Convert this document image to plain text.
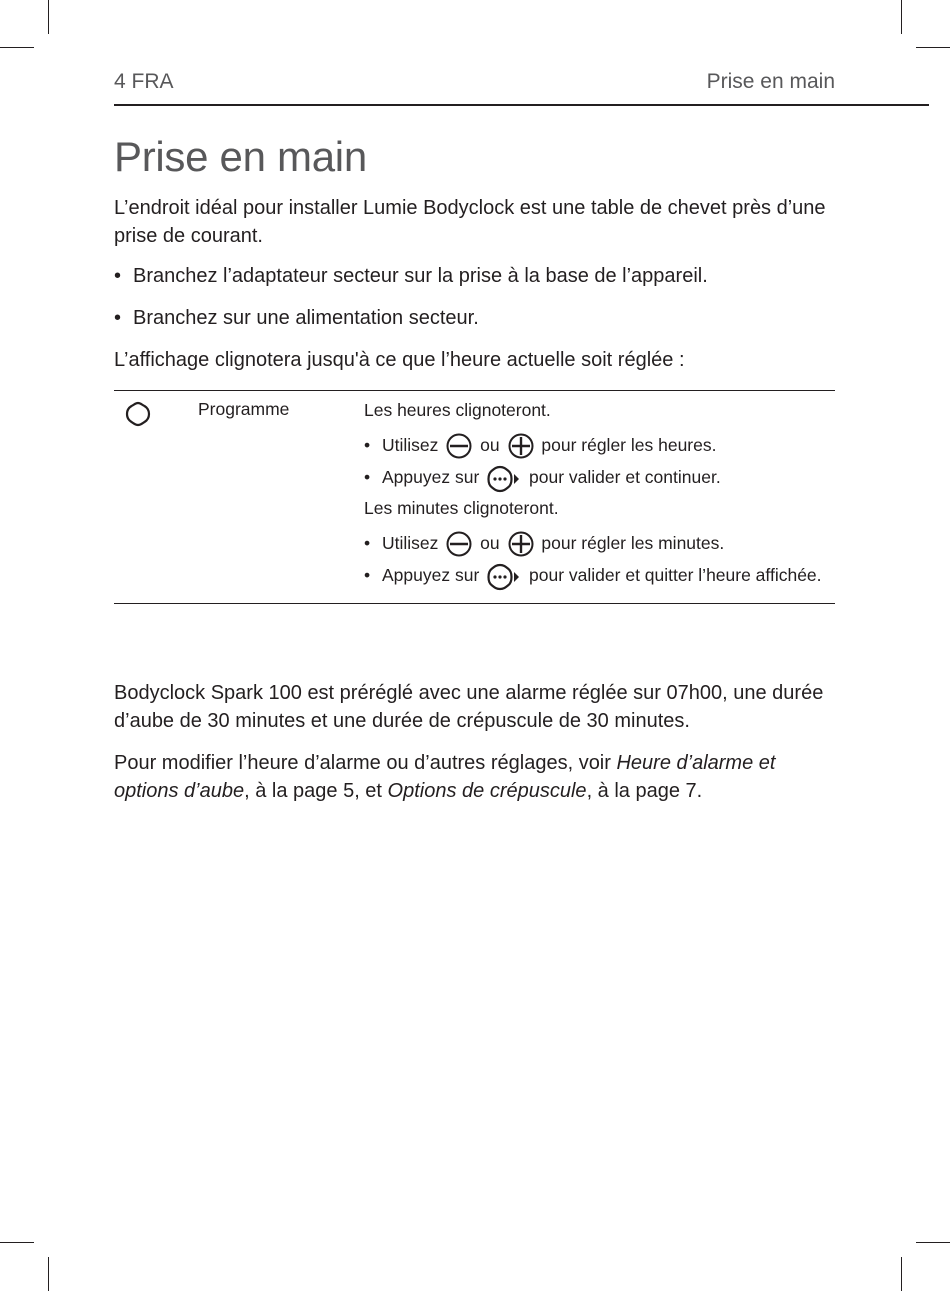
4 FRA	Prise en main
Prise en main

L’endroit idéal pour installer Lumie Bodyclock est une table de chevet près d’une prise de courant.

• Branchez l’adaptateur secteur sur la prise à la base de l’appareil.
• Branchez sur une alimentation secteur.

L’affichage clignotera jusqu'à ce que l’heure actuelle soit réglée :

	Programme	Les heures clignoteront.
• Utilisez ou pour régler les heures.
• Appuyez sur	pour valider et continuer.
Les minutes clignoteront.
• Utilisez ou pour régler les minutes.
• Appuyez sur	pour valider et quitter l’heure affichée.

Bodyclock Spark 100 est préréglé avec une alarme réglée sur 07h00, une durée d’aube de 30 minutes et une durée de crépuscule de 30 minutes.

Pour modifier l’heure d’alarme ou d’autres réglages, voir Heure d’alarme et options d’aube, à la page 5, et Options de crépuscule, à la page 7.
